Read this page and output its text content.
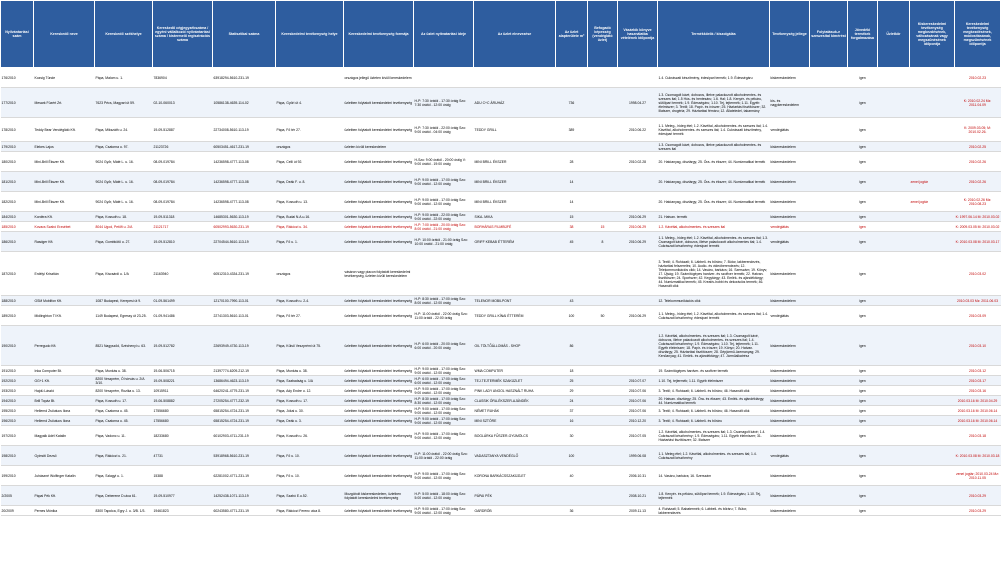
Nyilvántartási szám	Kereskedő neve	Kereskedő székhelye	Kereskedő cégjegyzékszáma / egyéni vállalkozói nyilvántartási száma / kistermelő regisztrációs száma	Statisztikai száma	Kereskedelmi tevékenység helye	Kereskedelmi tevékenység formája	Az üzlet nyitvatartási ideje	Az üzlet elnevezése	Az üzlet alapterülete m²	Befogadó képesség (vendéglátó üzlet)	Vásárlók könyve használatba vételének időpontja	Termékkörök / kiszolgálás	Tevékenység jellege	Folytatásuk-e szeszesital kimérést	Jövedéki termékek forgalmazása	Üzletkör	Kiskereskedelmi tevékenység megkezdésének, változásának vagy megszűnésének időpontja	Kereskedelmi tevékenység megkezdésének, módosításának, megszűnésének időpontja
176/2010	Kozsig Tünde	Pápa, Malom u. 1.	7836904	63918294-5610-231-19		országos jellegű üzleten kívüli kereskedelem						1.4. Cukrászati készítmény, édesipari termék; 1.9. Édességáru	kiskereskedelem		igen			2010.02.23
177/2010	Mesark Füzért Zrt.	7623 Pécs, Magyari út 59.	02-10-060013	10586138-4639-114-02	Pápa, Győri út 4.	üzletben folytatott kereskedelmi tevékenység	H-P: 7:30 órától - 17:30 óráig Szo: 7:30 órától - 12:00 óráig	ADU C+C ÁRUHÁZ	736		1998.04.27	1.3. Csomagolt kávé, dobozos, illetve palackozott alkoholmentes- és szeszes ital; 1.5 Hús- és hentesáru; 1.6. Hal; 1.8. Kenyér- és pékáru, sütőipari termék; 1.9. Édességáru; 1.10. Tej, tejtermék; 1.11. Egyéb élelmiszer; 3. Textil; 18. Papír- és írószer; 25. Háztartási tisztítószer; 32. Illatszer, drogéria; 29. Háztartási fémáru; 12. Állateledel, takarmány	kis- és nagykereskedelem		igen			K: 2010.02.24 Mz: 2011.04.09
178/2010	Teddy Bear Vendéglátó Kft.	Pápa, Mikszáth u. 24.	19-09-512887	22734008-5610-113-19	Pápa, Fő tér 27.	üzletben folytatott kereskedelmi tevékenység	H-P: 7:30 órától - 22:00 óráig Szo: 9:00 órától - 04:00 óráig	TEDDY GRILL	389		2010.06.22	1.1. Meleg-, hideg étel; 1.2. Kávéital, alkoholmentes- és szeszes ital; 1.4. Kávéital, alkoholmentes- és szeszes ital; 1.4. Cukrászati készítmény, édesipari termék	vendéglátás		igen			K: 2009.03.05; M: 2010.02.26.
179/2010	Elekes Lajos	Pápa, Csatorna u. 97.	21123726	60503451-4617-231-19	országos	üzleten kívüli kereskedelem						1.3. Csomagolt kávé, dobozos, illetve palackozott alkoholmentes- és szeszes ital	kiskereskedelem		igen			2010.02.25
180/2010	Mini-Brill Ékszer Kft.	9024 Győr, Máté L. u. 16.	08-09-019784	14236598-4777-113-08	Pápa, Celli út 92.	üzletben folytatott kereskedelmi tevékenység	H-Szo: 9:00 órától - 20:00 óráig V: 9:00 órától - 19:00 óráig	MINI BRILL ÉKSZER	28		2010.02.28	20. Hatóanyag, dísztárgy; 25. Óra- és ékszer; 44. Numizmatikai termék	kiskereskedelem		igen			2010.02.26
181/2010	Mini-Brill Ékszer Kft.	9024 Győr, Máté L. u. 16.	08-09-019784	14236598-4777-113-08	Pápa, Deák F. u. 8.	üzletben folytatott kereskedelmi tevékenység	H-P: 9:00 órától - 17:00 óráig Szo: 9:00 órától - 12:00 óráig	MINI BRILL ÉKSZER	14			20. Hatóanyag, dísztárgy; 25. Óra- és ékszer; 44. Numizmatikai termék	kiskereskedelem		igen		zenei jogtár	2010.02.26
182/2010	Mini-Brill Ékszer Kft.	9024 Győr, Máté L. u. 16.	08-09-019784	14236598-4777-113-08	Pápa, Kossuth u. 13.	üzletben folytatott kereskedelmi tevékenység	H-P: 9:00 órától - 17:00 óráig Szo: 9:00 órától - 12:00 óráig	MINI BRILL ÉKSZER	14			20. Hatóanyag, dísztárgy; 25. Óra- és ékszer; 44. Numizmatikai termék	kiskereskedelem		igen		zenei jogtár	K: 2010.02.26 Mz: 2010.08.23
184/2010	Kordéra Kft.	Pápa, Kossuth u. 18.	19-09-511318	14685301-5630-113-19	Pápa, Budai N.A.u.16.	üzletben folytatott kereskedelmi tevékenység	H-P: 9:00 órától - 22:00 óráig Szo: 9:00 órától - 22:00 óráig	SIKA- MIKA	15		2010.06.29	21. Hatvan. termék	kiskereskedelem		igen			K: 1997.06.14 M: 2010.03.02
185/2010	Kovacs Szabó Erzsébet	8044 Ugod, Petőfi u. 2/A	21121717	60502993-5630-231-19	Pápa, Rákóczi u. 34.	üzletben folytatott kereskedelmi tevékenység	H-P: 7:00 órától - 20:00 óráig Szo: 8:00 órától - 21:00 óráig	BORHÁRAS FILMBÜFÉ	38	15	2010.06.29	1.2. Kávéital, alkoholmentes- és szeszes ital	vendéglátás		igen			K: 2009.03.05 M: 2010.03.02
186/2010	Rasdger Kft.	Pápa, Gombkötő u. 27.	19-09-512810	22704544-5610-113-19	Pápa, Fő u. 1.	üzletben folytatott kereskedelmi tevékenység	H-P: 10:00 órától - 21:00 óráig Szo: 10:00 órától - 21:00 óráig	GRIFF KEBAB ÉTTERÉM	45	8	2010.06.29	1.1. Meleg-, hideg étel; 1.2. Kávéital, alkoholmentes- és szeszes ital; 1.3. Csomagolt kávé, dobozos, illetve palackozott alkoholmentes ital; 1.4. Cukrászati készítmény, édesipari termék	vendéglátás		igen			K: 2010.03.08 M: 2010.03.17
187/2010	Erdélyi Krisztián	Pápa, Kiscsárdi u. 1/A	21163940	60512310-4334-231-19	országos	vásáron vagy piacon folytatott kereskedelmi tevékenység, üzleten kívüli kereskedelem						3. Textil; 4. Ruházati; 6. Lábbeli- és bőráru; 7. Bútor, lakberendezés, háztartási felszerelés; 10. Audio- és videóberendezés; 12. Telekommunikációs cikk; 14. Vasáru, barkács; 16. Szerszám; 19. Könyv; 17. Újság; 19. Számítógépes hardver- és szoftver termék; 22. Hatvan. tisztítószer; 24. Sportszer; 42. Kegytárgy; 43. Emlék- és ajándéktárgy; 44. Numizmatikai termék; 45. Kreatív-hobbi és dekorációs termék; 46. Használt cikk	kiskereskedelem		igen			2010.03.02
188/2010	GSM Mobilfon Kft.	1087 Budapest, Kerepesi út 9.	01-09-561499	12170100-7990-113-01	Pápa, Kossuth u. 2-4.	üzletben folytatott kereskedelmi tevékenység	H-P: 8:30 órától - 17:00 óráig Szo: 8:00 órától - 12:00 óráig	TELENOR MOBILPONT	43			12. Telekommunikációs cikk	kiskereskedelem		igen			2010.03.03 Mz: 2011.06.03
189/2010	Midlinghton Tl Kft.	1149 Budapest, Egressy út 23-25.	01-09-941486	22741303-5610-113-01	Pápa, Fő tér 27.	üzletben folytatott kereskedelmi tevékenység	H-P: 11:00 órától - 22:00 óráig Szo: 11:00 órától - 22:00 óráig	TEDDY GRILL KÍNAI ÉTTERÉM	100	50	2010.06.29	1.1. Meleg-, hideg étel; 1.2. Kávéital, alkoholmentes- és szeszes ital; 1.4. Cukrászati készítmény, édesipari termék	vendéglátás		igen			2010.03.09
190/2010	Perregudo Kft.	8521 Nagysződ, Széchenyi u. 63.	19-09-512782	22693949-4730-113-19	Pápa, Külső Veszprémi út 75.	üzletben folytatott kereskedelmi tevékenység	H-P: 6:00 órától - 20:00 óráig Szo: 6:00 órától - 20:00 óráig	OIL TÖLTŐÁLLOMÁS - SHOP	86			1.2. Kávéital, alkoholmentes- és szeszes ital; 1.3. Csomagolt kávé, dobozos, illetve palackozott alkoholmentes- és szeszes ital; 1.4. Cukrászati készítmény; 1.9. Édességáru; 1.10. Tej, tejtermék; 1.11. Egyéb élelmiszer; 18. Papír- és írószer; 19. Könyv; 20. Hatvan. dísztárgy; 25. Háztartási tisztítószer; 28. Gépjármű-üzemanyag; 29. Kenőanyag; 41. Emlék- és ajándéktárgy; 47. Járműalkatrész	kiskereskedelem		igen			2010.03.10
191/2010	Inka Computer Bt.	Pápa, Munkás u. 38.	19-06-506715	21397774-6209-212-19	Pápa, Munkás u. 38.	üzletben folytatott kereskedelmi tevékenység	H-P: 9:00 órától - 17:00 óráig Szo: 9:00 órától - 12:00 óráig	WMA COMPUTER	18			19. Számítógépes hardver- és szoftver termék	kiskereskedelem		igen			2010.03.12
192/2010	GG+1 Kft.	8200 Veszprém, Ó hórvás u. 2/A 3/10.	19-09-508221	13686494-4623-113-19	Pápa, Szabadság u. 1/A	üzletben folytatott kereskedelmi tevékenység	H-P: 6:00 órától - 17:00 óráig Szo: 6:00 órától - 12:00 óráig	TEJ-TEJTERMÉK SZAKÜZLET	25		2010.07.07	1.10. Tej, tejtermék; 1.11. Egyéb élelmiszer	kiskereskedelem		igen			2010.03.17
193/2010	Hajdú László	8200 Veszprém, Rozika u. 13.	10915911	64620241-4779-231-19	Pápa, Ady Endre u. 12.	üzletben folytatott kereskedelmi tevékenység	H-P: 9:00 órától - 17:00 óráig Szo: 9:00 órától - 12:00 óráig	PINK LADY ANGOL HASZNÁLT RUHA	29		2010.07.06	3. Textil; 4. Ruházati; 6. Lábbeli- és bőráru; 46. Használt cikk	kiskereskedelem		igen			2010.03.16
194/2010	Brill Topáz Bt.	Pápa, Kossuth u. 17.	19-06-508882	27205254-4777-232-19	Pápa, Kossuth u. 17.	üzletben folytatott kereskedelmi tevékenység	H-P: 8:30 órától - 17:00 óráig Szo: 8:30 órától - 12:00 óráig	CLASSIK ÓRA-ÉKSZER-AJÁNDÉK	24		2010.07.06	20. Hatvan. dísztárgy; 25. Óra- és ékszer; 43. Emlék- és ajándéktárgy; 44. Numizmatikai termék	kiskereskedelem		igen			2010.03.16 M: 2010.04.29
195/2010	Hellernd Zsöutucs Ilona	Pápa, Csatorna u. 45.	17556680	65815254-4724-231-19	Pápa, Jókai u. 30.	üzletben folytatott kereskedelmi tevékenység	H-P: 9:00 órától - 17:00 óráig Szo: 9:00 órától - 12:00 óráig	NÉMET RUHÁK	37		2010.07.06	3. Textil; 4. Ruházati; 6. Lábbeli- és bőráru; 46. Használt cikk	kiskereskedelem		igen			2010.03.16 M: 2010.06.14
196/2010	Hellernd Zsöutucs Ilona	Pápa, Csatorna u. 45.	17556680	65815254-4724-231-19	Pápa, Deák u. 3.	üzletben folytatott kereskedelmi tevékenység	H-P: 9:00 órától - 17:00 óráig Szo: 9:00 órától - 12:00 óráig	MINI SZTÓRE	16		2010.12.20	3. Textil; 4. Ruházati; 6. Lábbeli- és bőráru	kiskereskedelem		igen			2010.03.16 M: 2010.06.14
197/2010	Magyalk Adél Katalin	Pápa, Vadonc u. 11.	18233680	60102903-4711-231-19	Pápa, Kossuth u. 26.	üzletben folytatott kereskedelmi tevékenység	H-P: 9:00 órától - 17:00 óráig Szo: 9:00 órától - 12:00 óráig	BOGLÁRKA FŰSZER-GYÜMÖLCS	30		2010.07.05	1.2. Kávéital, alkoholmentes- és szeszes ital; 1.3. Csomagolt kávé; 1.4. Cukrászati készítmény; 1.9. Édességáru; 1.11. Egyéb élelmiszer; 31. Háztartási tisztítószer; 32. Illatszer	kiskereskedelem		igen			2010.03.18
198/2010	Gyimóti Dezső	Pápa, Rákóczi u. 21.	47731	53918968-5610-231-19	Pápa, Fő u. 10.	üzletben folytatott kereskedelmi tevékenység	H-P: 11:00 órától - 22:00 óráig Szo: 11:00 órától - 22:00 óráig	VADASZTANYA VENDÉGLŐ	100		1999.06.08	1.1. Meleg étel; 1.2. Kávéital, alkoholmentes- és szeszes ital; 1.4. Cukrászati készítmény	vendéglátás		igen			K: 2010.03.08 M: 2010.03.18
199/2010	Juhászné Wolfinger Katalin	Pápa, Szlagyi u. 1.	15388	62281002-4771-231-19	Pápa, Fő u. 10.	üzletben folytatott kereskedelmi tevékenység	H-P: 9:00 órától - 17:00 óráig Szo: 9:00 órától - 12:00 óráig	KORONA BARKÁCSSZAKÜZLET	40		2006.10.31	14. Vasáru, barkács; 16. Szerszám	kiskereskedelem		igen			zenei jogtár; 2010.03.24 Mz: 2010.11.05
2/2005	Pápai Pék Kft.	Pápa, Deberene D.utca 61.	19-09-510977	14252438-1071-113-19	Pápa, Szabó E.u.52.	Mozgóbolt kiskereskedelem, üzletben folytatott kereskedelmi tevékenység	H-P: 5:00 órától - 18:00 óráig Szo: 5:00 órától - 12:00 óráig	PÁPAI PÉK			2008.10.21	1.8. Kenyér- és pékáru, sütőipari termék; 1.9. Édességáru; 1.10. Tej, tejtermék	kiskereskedelem		igen			2010.03.29
20/2009	Pernes Mónika	8300 Tapolca, Egry J. u. 3/B. 1/3.	19461823	60243580-4771-231-19	Pápa, Rákóczi Ferenc utca 8.	üzletben folytatott kereskedelmi tevékenység	H-P: 9:00 órától - 17:00 óráig Szo: 9:00 órától - 12:00 óráig	GARDRÓB	36		2009.11.13	4. Ruházati; 5. Babatermék; 6. Lábbeli- és bőráru; 7. Bútor, lakberendezés	kiskereskedelem		igen			2010.03.29
